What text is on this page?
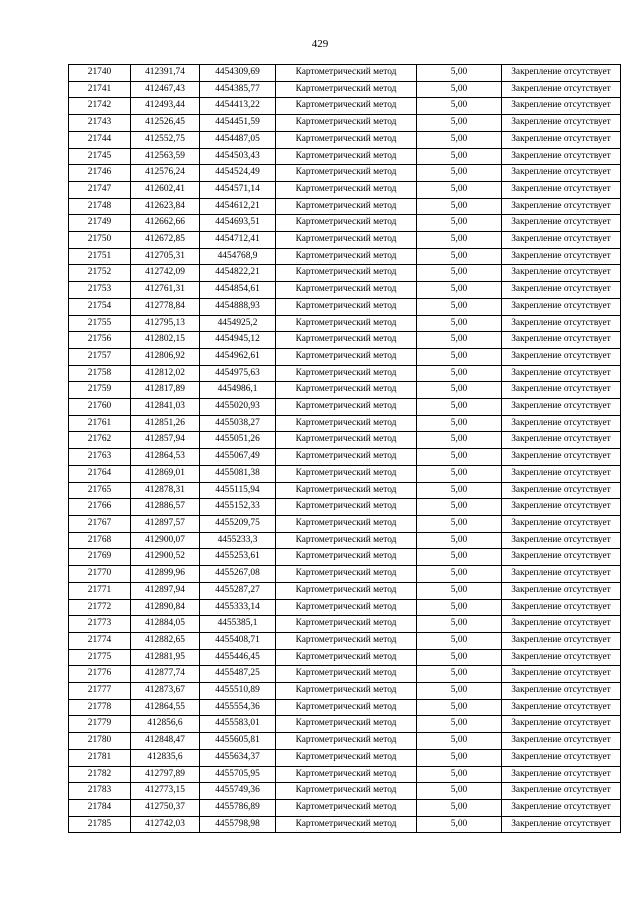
429
21740	412391,74	4454309,69	Картометрический метод	5,00	Закрепление отсутствует
21741	412467,43	4454385,77	Картометрический метод	5,00	Закрепление отсутствует
21742	412493,44	4454413,22	Картометрический метод	5,00	Закрепление отсутствует
21743	412526,45	4454451,59	Картометрический метод	5,00	Закрепление отсутствует
21744	412552,75	4454487,05	Картометрический метод	5,00	Закрепление отсутствует
21745	412563,59	4454503,43	Картометрический метод	5,00	Закрепление отсутствует
21746	412576,24	4454524,49	Картометрический метод	5,00	Закрепление отсутствует
21747	412602,41	4454571,14	Картометрический метод	5,00	Закрепление отсутствует
21748	412623,84	4454612,21	Картометрический метод	5,00	Закрепление отсутствует
21749	412662,66	4454693,51	Картометрический метод	5,00	Закрепление отсутствует
21750	412672,85	4454712,41	Картометрический метод	5,00	Закрепление отсутствует
21751	412705,31	4454768,9	Картометрический метод	5,00	Закрепление отсутствует
21752	412742,09	4454822,21	Картометрический метод	5,00	Закрепление отсутствует
21753	412761,31	4454854,61	Картометрический метод	5,00	Закрепление отсутствует
21754	412778,84	4454888,93	Картометрический метод	5,00	Закрепление отсутствует
21755	412795,13	4454925,2	Картометрический метод	5,00	Закрепление отсутствует
21756	412802,15	4454945,12	Картометрический метод	5,00	Закрепление отсутствует
21757	412806,92	4454962,61	Картометрический метод	5,00	Закрепление отсутствует
21758	412812,02	4454975,63	Картометрический метод	5,00	Закрепление отсутствует
21759	412817,89	4454986,1	Картометрический метод	5,00	Закрепление отсутствует
21760	412841,03	4455020,93	Картометрический метод	5,00	Закрепление отсутствует
21761	412851,26	4455038,27	Картометрический метод	5,00	Закрепление отсутствует
21762	412857,94	4455051,26	Картометрический метод	5,00	Закрепление отсутствует
21763	412864,53	4455067,49	Картометрический метод	5,00	Закрепление отсутствует
21764	412869,01	4455081,38	Картометрический метод	5,00	Закрепление отсутствует
21765	412878,31	4455115,94	Картометрический метод	5,00	Закрепление отсутствует
21766	412886,57	4455152,33	Картометрический метод	5,00	Закрепление отсутствует
21767	412897,57	4455209,75	Картометрический метод	5,00	Закрепление отсутствует
21768	412900,07	4455233,3	Картометрический метод	5,00	Закрепление отсутствует
21769	412900,52	4455253,61	Картометрический метод	5,00	Закрепление отсутствует
21770	412899,96	4455267,08	Картометрический метод	5,00	Закрепление отсутствует
21771	412897,94	4455287,27	Картометрический метод	5,00	Закрепление отсутствует
21772	412890,84	4455333,14	Картометрический метод	5,00	Закрепление отсутствует
21773	412884,05	4455385,1	Картометрический метод	5,00	Закрепление отсутствует
21774	412882,65	4455408,71	Картометрический метод	5,00	Закрепление отсутствует
21775	412881,95	4455446,45	Картометрический метод	5,00	Закрепление отсутствует
21776	412877,74	4455487,25	Картометрический метод	5,00	Закрепление отсутствует
21777	412873,67	4455510,89	Картометрический метод	5,00	Закрепление отсутствует
21778	412864,55	4455554,36	Картометрический метод	5,00	Закрепление отсутствует
21779	412856,6	4455583,01	Картометрический метод	5,00	Закрепление отсутствует
21780	412848,47	4455605,81	Картометрический метод	5,00	Закрепление отсутствует
21781	412835,6	4455634,37	Картометрический метод	5,00	Закрепление отсутствует
21782	412797,89	4455705,95	Картометрический метод	5,00	Закрепление отсутствует
21783	412773,15	4455749,36	Картометрический метод	5,00	Закрепление отсутствует
21784	412750,37	4455786,89	Картометрический метод	5,00	Закрепление отсутствует
21785	412742,03	4455798,98	Картометрический метод	5,00	Закрепление отсутствует
